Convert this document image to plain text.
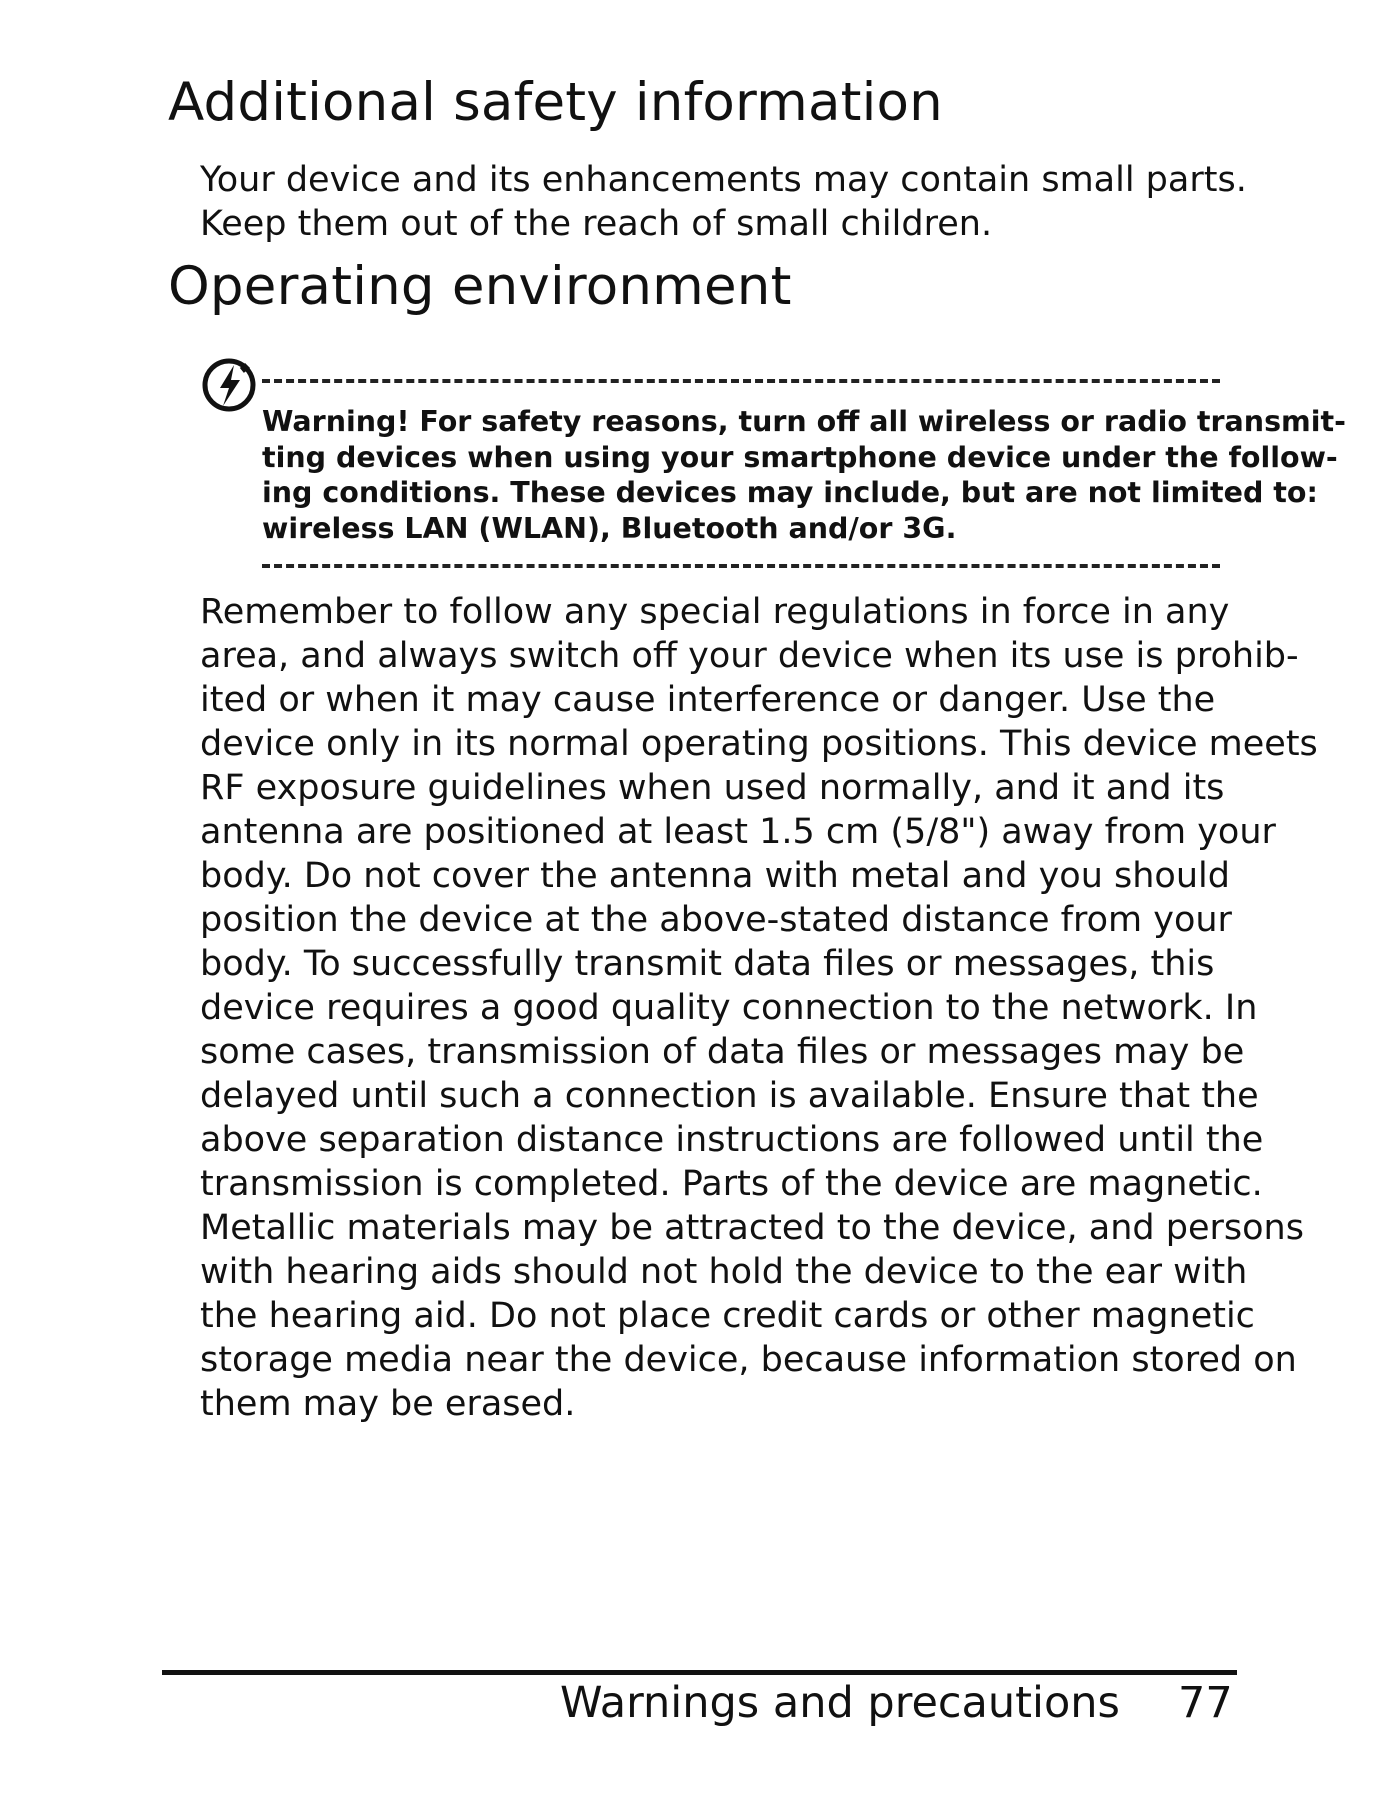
Additional safety information

Your device and its enhancements may contain small parts.
Keep them out of the reach of small children.

Operating environment

Warning! For safety reasons, turn off all wireless or radio transmit-
ting devices when using your smartphone device under the follow-
ing conditions. These devices may include, but are not limited to:
wireless LAN (WLAN), Bluetooth and/or 3G.

Remember to follow any special regulations in force in any
area, and always switch off your device when its use is prohib-
ited or when it may cause interference or danger. Use the
device only in its normal operating positions. This device meets
RF exposure guidelines when used normally, and it and its
antenna are positioned at least 1.5 cm (5/8") away from your
body. Do not cover the antenna with metal and you should
position the device at the above-stated distance from your
body. To successfully transmit data files or messages, this
device requires a good quality connection to the network. In
some cases, transmission of data files or messages may be
delayed until such a connection is available. Ensure that the
above separation distance instructions are followed until the
transmission is completed. Parts of the device are magnetic.
Metallic materials may be attracted to the device, and persons
with hearing aids should not hold the device to the ear with
the hearing aid. Do not place credit cards or other magnetic
storage media near the device, because information stored on
them may be erased.

Warnings and precautions 77
